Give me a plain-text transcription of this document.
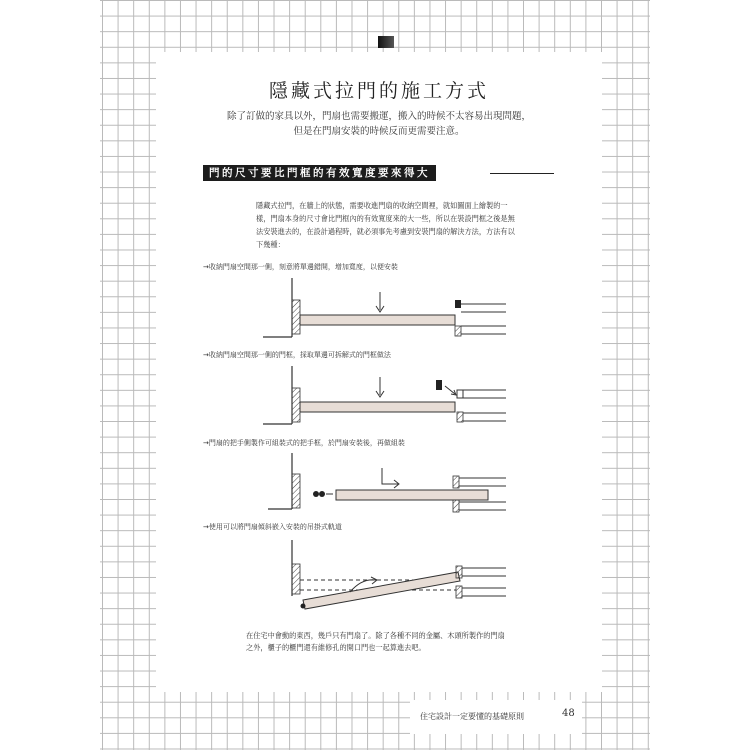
隱藏式拉門的施工方式
除了訂做的家具以外，門扇也需要搬運，搬入的時候不太容易出現問題，
但是在門扇安裝的時候反而更需要注意。
門的尺寸要比門框的有效寬度要來得大
隱藏式拉門，在牆上的狀態，需要收進門扇的收納空間裡，就如圖面上繪製的一樣，門扇本身的尺寸會比門框內的有效寬度來的大一些，所以在裝設門框之後是無法安裝進去的，在設計過程時，就必須事先考慮到安裝門扇的解決方法，方法有以下幾種：
→收納門扇空間那一側，刻意將單邊錯開，增加寬度，以便安裝
→收納門扇空間那一側的門框，採取單邊可拆解式的門框做法
→門扇的把手側製作可組裝式的把手框，於門扇安裝後，再做組裝
→使用可以將門扇傾斜嵌入安裝的吊掛式軌道
在住宅中會動的東西，幾戶只有門扇了。除了各種不同的金屬、木頭所製作的門扇之外，櫃子的櫃門還有維修孔的開口門也一起算進去吧。
住宅設計一定要懂的基礎原則	48
